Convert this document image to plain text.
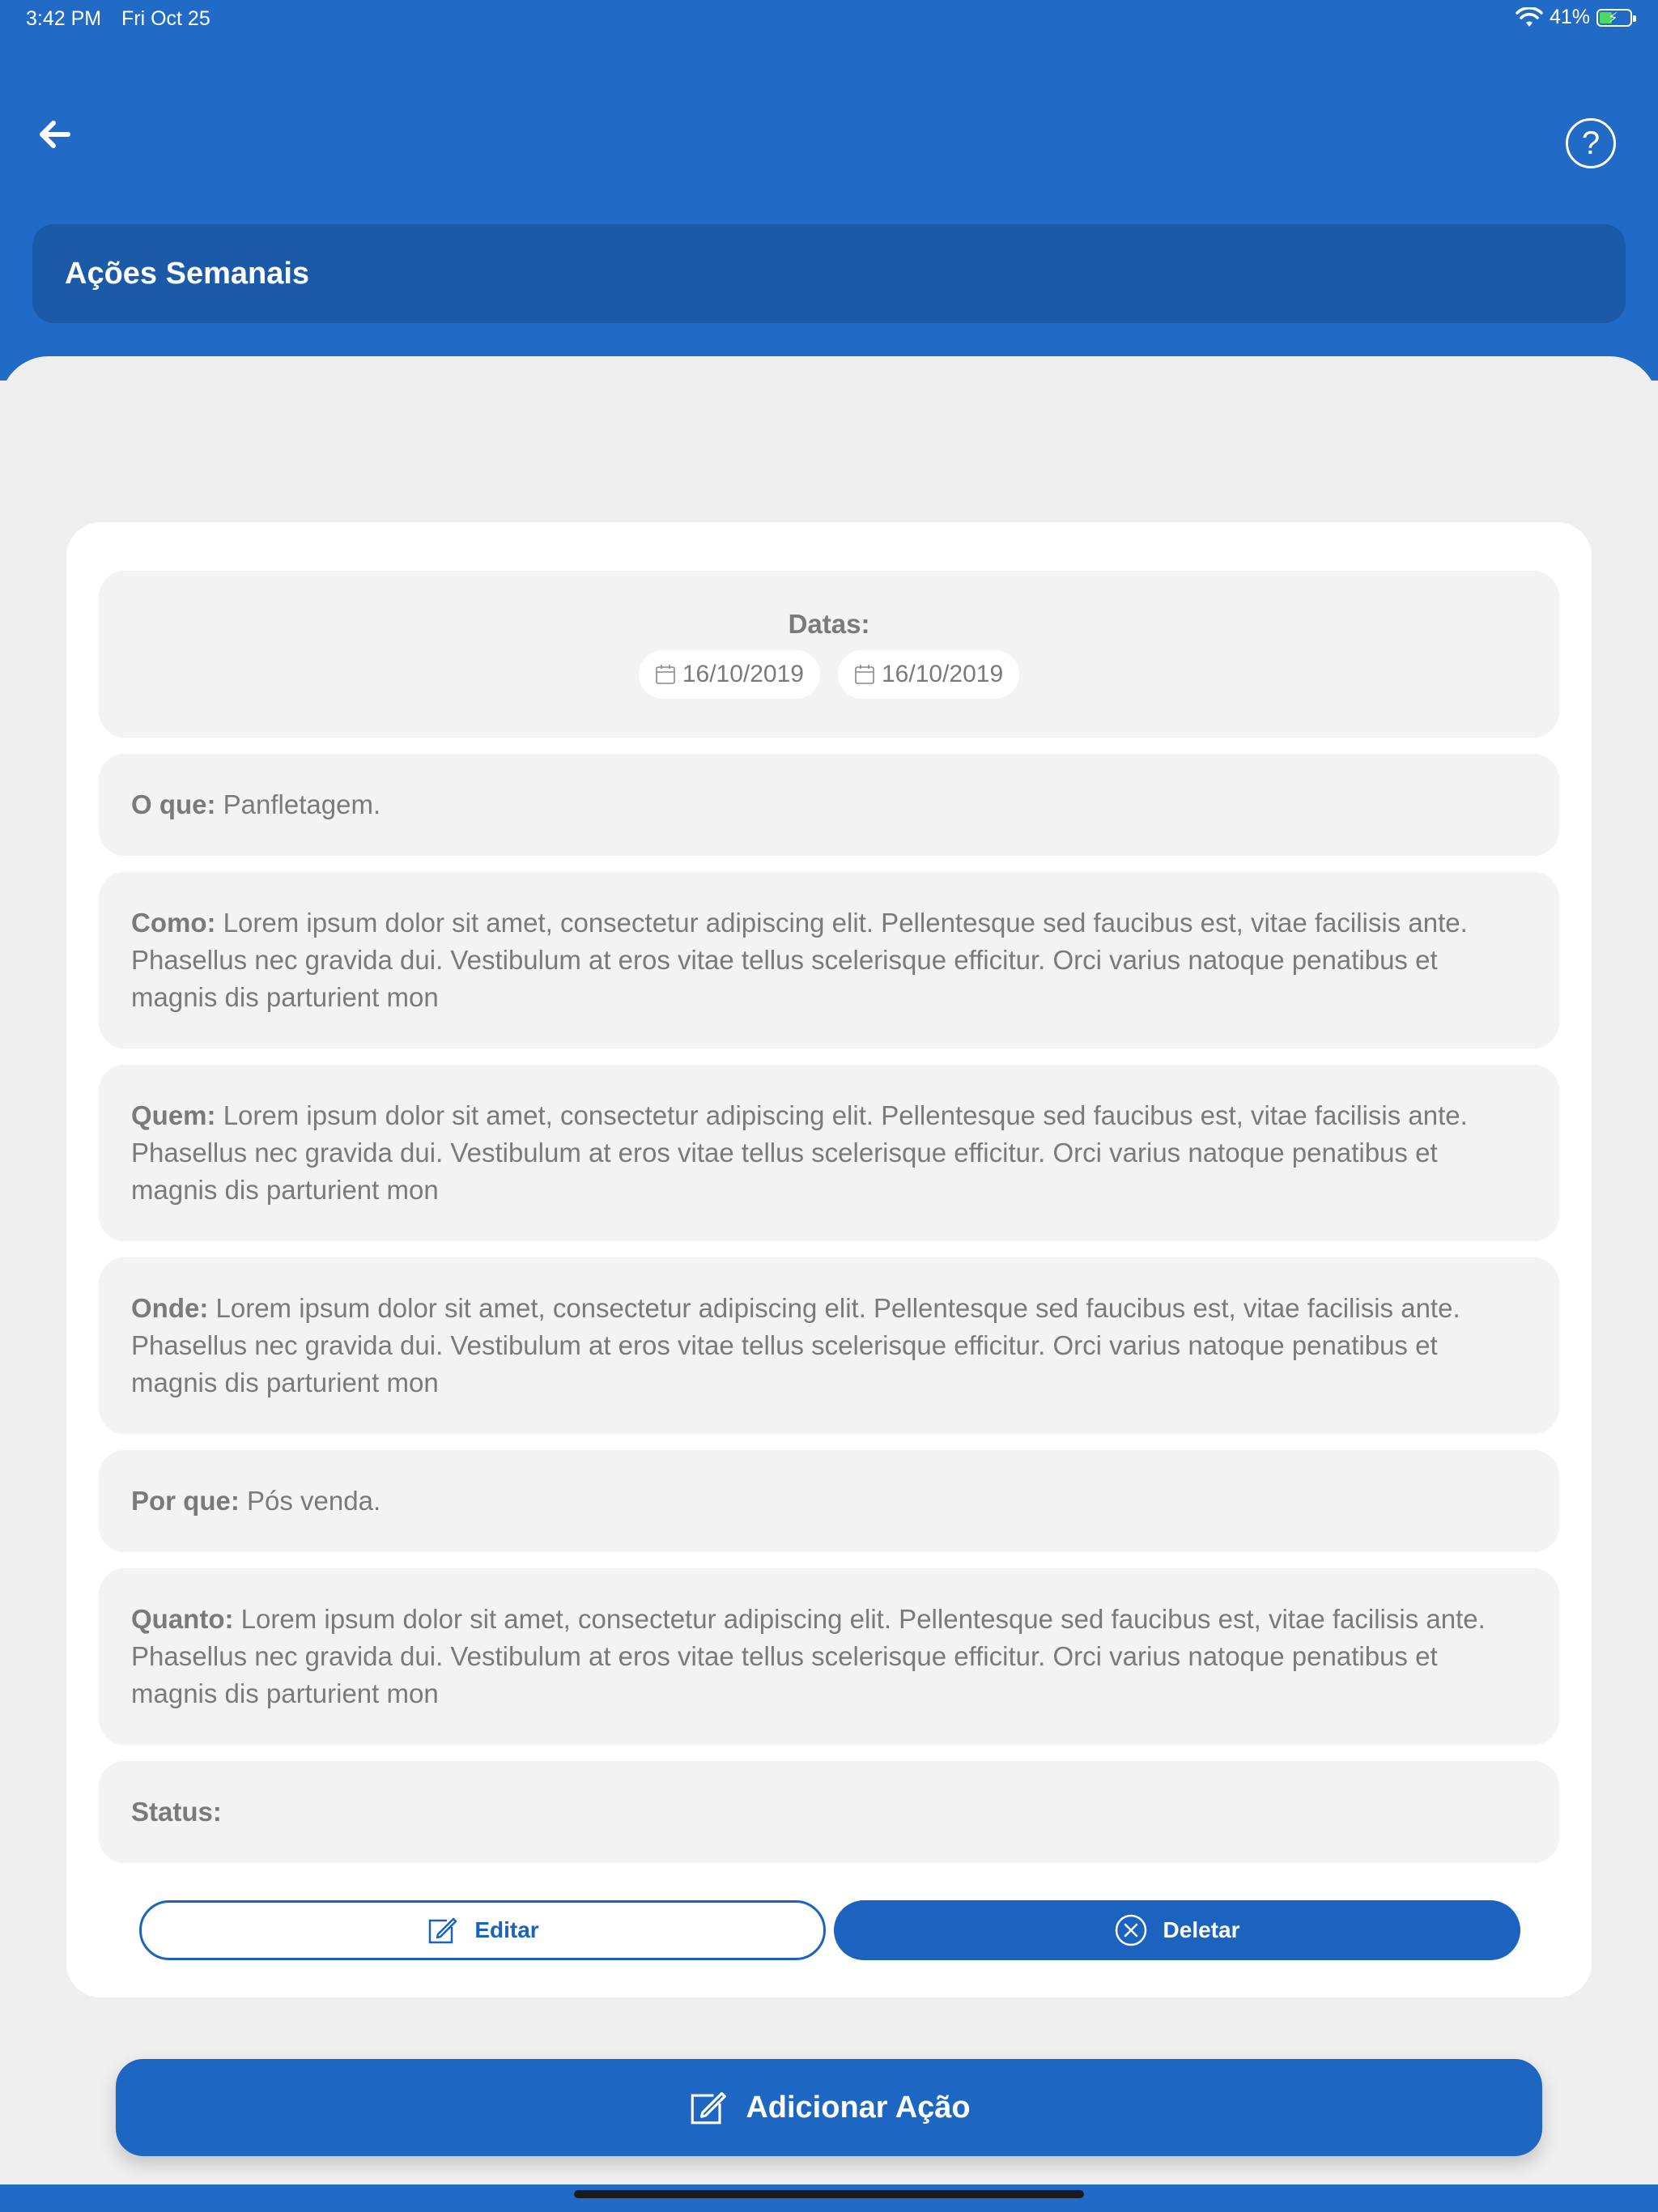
3:42 PM Fri Oct 25	41% ⚡
?
Ações Semanais
Datas:
16/10/2019	16/10/2019
O que: Panfletagem.
Como: Lorem ipsum dolor sit amet, consectetur adipiscing elit. Pellentesque sed faucibus est, vitae facilisis ante. Phasellus nec gravida dui. Vestibulum at eros vitae tellus scelerisque efficitur. Orci varius natoque penatibus et magnis dis parturient mon
Quem: Lorem ipsum dolor sit amet, consectetur adipiscing elit. Pellentesque sed faucibus est, vitae facilisis ante. Phasellus nec gravida dui. Vestibulum at eros vitae tellus scelerisque efficitur. Orci varius natoque penatibus et magnis dis parturient mon
Onde: Lorem ipsum dolor sit amet, consectetur adipiscing elit. Pellentesque sed faucibus est, vitae facilisis ante. Phasellus nec gravida dui. Vestibulum at eros vitae tellus scelerisque efficitur. Orci varius natoque penatibus et magnis dis parturient mon
Por que: Pós venda.
Quanto: Lorem ipsum dolor sit amet, consectetur adipiscing elit. Pellentesque sed faucibus est, vitae facilisis ante. Phasellus nec gravida dui. Vestibulum at eros vitae tellus scelerisque efficitur. Orci varius natoque penatibus et magnis dis parturient mon
Status:
Editar	Deletar
Adicionar Ação
